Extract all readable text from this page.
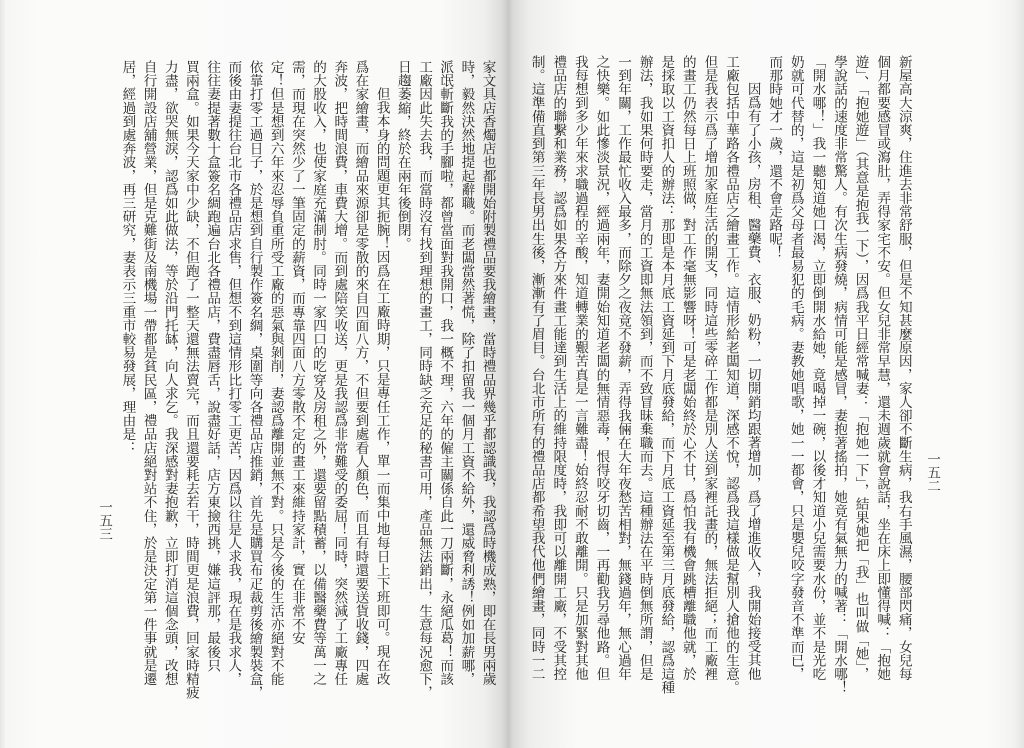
家文具店香燭店也都開始附製禮品要我繪畫，當時禮品界幾乎都認識我，我認爲時機成熟，即在長男兩歲
時，毅然決然地提起辭職。而老闆當然著慌，除了扣留我一個月工資不給外，還威脅利誘！例如加薪哪，
派氓斬斷我的手腳啦，都曾當面對我開口，我一概不理，六年的僱主關係自此一刀兩斷，永絕瓜葛！而該
工廠因此失去我，而當時沒有找到理想的畫工，同時缺乏充足的秘書可用，產品無法銷出，生意每況愈下，
日趨萎縮，終於在兩年後倒閉。
但我本身的問題更其扼腕！因爲在工廠時期，只是專任工作，單一而集中地每日上下班即可。現在改
爲在家繪畫，而繪品來源卻是零散的來自四面八方，不但要到處看人顏色，而且有時還要送貨收錢，四處
奔波，把時間浪費，車費大增。而到處陪笑收送，更是我認爲非常難受的委屈！同時，突然減了工廠專任
的大股收入，也使家庭充滿制肘。同時一家四口的吃穿及房租之外，還要留點積蓄，以備醫藥費等萬一之
需，而現在突然少了一筆固定的薪資，而專靠四面八方零散不定的畫工來維持家計，實在非常不安
定！但是想到六年來忍辱負重所受工廠的惡氣與剝削，妻認爲離開並無不對。只是今後的生活亦絕對不能
依靠打零工過日子，於是想到自行製作簽名綢，桌圍等向各禮品店推銷，首先是購買布疋裁剪後繪製裝盒，
而後由妻提往台北市各禮品店求售，但想不到這情形比打零工更苦，因爲以往是人求我，現在是我求人，
往往妻提著數十盒簽名綢跑遍台北各禮品店，費盡唇舌，說盡好話，店方東撿西挑，嫌這評那，最後只
買兩盒。如果今天家中少缺，不但跑了一整天還無法賣完，而且還要耗去若干，時間更是浪費，回家時精疲
力盡，欲哭無淚，認爲如此做法，等於沿門托缽，向人求乞。我深感對妻抱歉，立即打消這個念頭，改想
自行開設店舖營業，但是克難街及南機場一帶都是貧民區，禮品店絕對站不住，於是決定第一件事就是遷
居，經過到處奔波，再三研究，妻表示三重市較易發展，理由是：
一五三	新屋高大涼爽，住進去非常舒服，但是不知甚麼原因，家人卻不斷生病，我右手風濕，腰部閃痛，女兒每
個月都要感冒或瀉肚，弄得家宅不安。但女兒非常早慧，還未週歲就會說話，坐在床上即懂得喊：「抱她
遊」、「抱她遊」（其意是抱我一下），因爲我平日經常喊妻：「抱她一下」，結果她把「我」也叫做「她」，
學說話的速度非常驚人。有次生病發燒，病情可能是感冒，妻抱著搖拍，她竟有氣無力的喊著：「開水哪！
「開水哪！」我一聽知道她口渴，立即倒開水給她，竟喝掉一碗，以後才知道小兒需要水份，並不是光吃
奶就可代替的，這是初爲父母者最易犯的毛病。妻教她唱歌，她一一都會，只是嬰兒咬字發音不準而已，
而那時她才一歲，還不會走路呢！
因爲有了小孩，房租、醫藥費、衣服、奶粉，一切開銷均跟著增加，爲了增進收入，我開始接受其他
工廠包括中華路各禮品店之繪畫工作。這情形給老闆知道，深感不悅，認爲我這樣做是幫別人搶他的生意。
但是我表示爲了增加家庭生活的開支，同時這些零碎工作都是別人送到家裡託畫的，無法拒絕；而工廠裡
的畫工仍然每日上班照做，對工作毫無影響呀！可是老闆始終於心不甘，爲怕我有機會跳槽離職他就，於
是採取以工資扣人的辦法：那即是本月底工資延到下月底發給，而下月底工資延至第三月底發給，認爲這種
辦法，我如果何時要走，當月的工資即無法領到，而不致冒昧棄職而去。這種辦法在平時倒無所謂，但是
一到年關，工作最忙收入最多，而除夕之夜竟不發薪，弄得我倆在大年夜愁苦相對，無錢過年，無心過年
之快樂。如此慘淡景況，經過兩年，妻開始知道老闆的無情惡毒，恨得咬牙切齒，一再勸我另尋他路。但
我每想到多少年來求職過程的辛酸，知道轉業的艱苦真是一言難盡！始終忍耐不敢離開。只是加緊對其他
禮品店的聯繫和業務，認爲如果各方來件畫工能達到生活上的維持限度時，我即可以離開工廠，不受其控
制。這準備直到第三年長男出生後，漸漸有了眉目。台北市所有的禮品店都希望我代他們繪畫，同時一二	一五二
